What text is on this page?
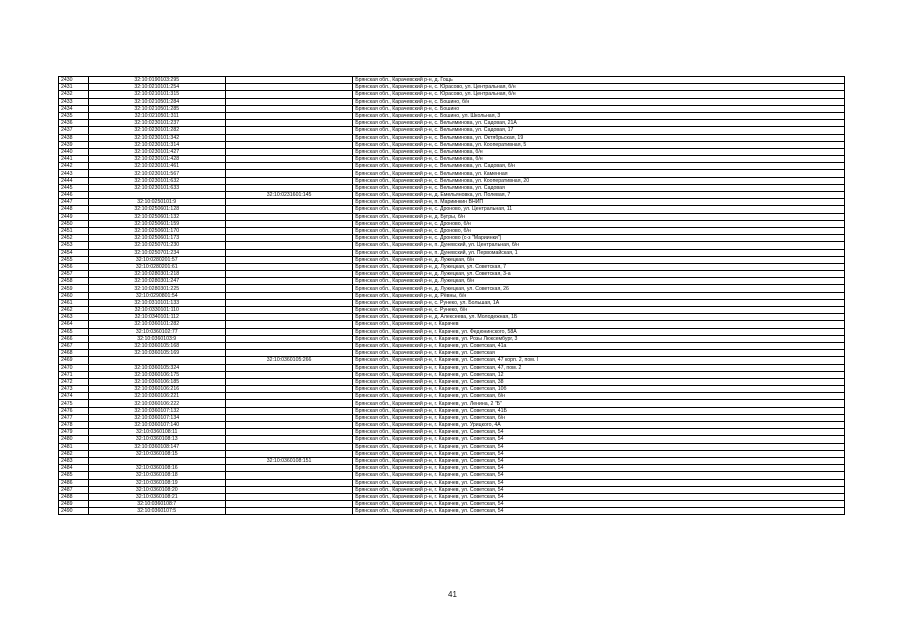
2430	32:10:0190103:295		Брянская обл., Карачевский р-н, д. Гощь
2431	32:10:0210101:254		Брянская обл., Карачевский р-н, с. Юрасово, ул. Центральная, б/н
2432	32:10:0210101:315		Брянская обл., Карачевский р-н, с. Юрасово, ул. Центральная, б/н
2433	32:10:0210501:284		Брянская обл., Карачевский р-н, с. Бошино, б/н
2434	32:10:0210501:285		Брянская обл., Карачевский р-н, с. Бошино
2435	32:10:0210501:311		Брянская обл., Карачевский р-н, с. Бошино, ул. Школьная, 3
2436	32:10:0230101:237		Брянская обл., Карачевский р-н, с. Вельяминова, ул. Садовая, 21А
2437	32:10:0230101:282		Брянская обл., Карачевский р-н, с. Вельяминова, ул. Садовая, 17
2438	32:10:0230101:342		Брянская обл., Карачевский р-н, с. Вельяминова, ул. Октябрьская, 19
2439	32:10:0230101:314		Брянская обл., Карачевский р-н, с. Вельяминова, ул. Кооперативная, 5
2440	32:10:0230101:427		Брянская обл., Карачевский р-н, с. Вельяминова, б/н
2441	32:10:0230101:428		Брянская обл., Карачевский р-н, с. Вельяминова, б/н
2442	32:10:0230101:461		Брянская обл., Карачевский р-н, с. Вельяминова, ул. Садовая, б/н
2443	32:10:0230101:567		Брянская обл., Карачевский р-н, с. Вельяминова, ул. Каменная
2444	32:10:0230101:632		Брянская обл., Карачевский р-н, с. Вельяминова, ул. Кооперативная, 20
2445	32:10:0230101:633		Брянская обл., Карачевский р-н, с. Вельяминова, ул. Садовая
2446		32:10:0231601:145	Брянская обл., Карачевский р-н, д. Емельяновка, ул. Полевая, 7
2447	32:10:0250101:9		Брянская обл., Карачевский р-н, п. Мариинкин ВНИП
2448	32:10:0250601:128		Брянская обл., Карачевский р-н, с. Дроново, ул. Центральная, 11
2449	32:10:0250601:132		Брянская обл., Карачевский р-н, д. Бугры, б/н
2450	32:10:0250601:159		Брянская обл., Карачевский р-н, с. Дроново, б/н
2451	32:10:0250601:170		Брянская обл., Карачевский р-н, с. Дроново, б/н
2452	32:10:0250601:173		Брянская обл., Карачевский р-н, с. Дроново (с-з "Мариинки")
2453	32:10:0250701:230		Брянская обл., Карачевский р-н, п. Дуневский, ул. Центральная, б/н
2454	32:10:0250701:234		Брянская обл., Карачевский р-н, п. Дуневский, ул. Первомайская, 1
2455	32:10:0280201:57		Брянская обл., Карачевский р-н, д. Лужецкая, б/н
2456	32:10:0280201:61		Брянская обл., Карачевский р-н, д. Лужецкая, ул. Советская, 7
2457	32:10:0280301:218		Брянская обл., Карачевский р-н, д. Лужецкая, ул. Советская, 3-а
2458	32:10:0280301:247		Брянская обл., Карачевский р-н, д. Лужецкая, б/н
2459	32:10:0280301:225		Брянская обл., Карачевский р-н, д. Лужецкая, ул. Советская, 26
2460	32:10:0290801:54		Брянская обл., Карачевский р-н, д. Рёвны, б/н
2461	32:10:0310101:133		Брянская обл., Карачевский р-н, с. Рунеко, ул. Большая, 1А
2462	32:10:0330101:110		Брянская обл., Карачевский р-н, с. Рунеко, б/н
2463	32:10:0340101:112		Брянская обл., Карачевский р-н, д. Алексеева, ул. Молодежная, 1Б
2464	32:10:0360101:282		Брянская обл., Карачевский р-н, г. Карачев
2465	32:10:0360102:77		Брянская обл., Карачевский р-н, г. Карачев, ул. Федюнинского, 58А
2466	32:10:0360103:9		Брянская обл., Карачевский р-н, г. Карачев, ул. Розы Люксембург, 3
2467	32:10:0360105:168		Брянская обл., Карачевский р-н, г. Карачев, ул. Советская, 41а
2468	32:10:0360105:169		Брянская обл., Карачевский р-н, г. Карачев, ул. Советская
2469		32:10:0360105:266	Брянская обл., Карачевский р-н, г. Карачев, ул. Советская, 47 корп. 2, пом. I
2470	32:10:0360105:324		Брянская обл., Карачевский р-н, г. Карачев, ул. Советская, 47, пом. 2
2471	32:10:0360106:175		Брянская обл., Карачевский р-н, г. Карачев, ул. Советская, 12
2472	32:10:0360106:185		Брянская обл., Карачевский р-н, г. Карачев, ул. Советская, 38
2473	32:10:0360106:216		Брянская обл., Карачевский р-н, г. Карачев, ул. Советская, 10б
2474	32:10:0360106:221		Брянская обл., Карачевский р-н, г. Карачев, ул. Советская, б/н
2475	32:10:0360106:222		Брянская обл., Карачевский р-н, г. Карачев, ул. Ленина, 2 "Б"
2476	32:10:0360107:132		Брянская обл., Карачевский р-н, г. Карачев, ул. Советская, 41Б
2477	32:10:0360107:134		Брянская обл., Карачевский р-н, г. Карачев, ул. Советская, б/н
2478	32:10:0360107:140		Брянская обл., Карачевский р-н, г. Карачев, ул. Урицкого, 4А
2479	32:10:0360108:11		Брянская обл., Карачевский р-н, г. Карачев, ул. Советская, 54
2480	32:10:0360108:13		Брянская обл., Карачевский р-н, г. Карачев, ул. Советская, 54
2481	32:10:0360108:147		Брянская обл., Карачевский р-н, г. Карачев, ул. Советская, 54
2482	32:10:0360108:15		Брянская обл., Карачевский р-н, г. Карачев, ул. Советская, 54
2483		32:10:0360108:151	Брянская обл., Карачевский р-н, г. Карачев, ул. Советская, 54
2484	32:10:0360108:16		Брянская обл., Карачевский р-н, г. Карачев, ул. Советская, 54
2485	32:10:0360108:18		Брянская обл., Карачевский р-н, г. Карачев, ул. Советская, 54
2486	32:10:0360108:19		Брянская обл., Карачевский р-н, г. Карачев, ул. Советская, 54
2487	32:10:0360108:20		Брянская обл., Карачевский р-н, г. Карачев, ул. Советская, 54
2488	32:10:0360108:21		Брянская обл., Карачевский р-н, г. Карачев, ул. Советская, 54
2489	32:10:0360108:7		Брянская обл., Карачевский р-н, г. Карачев, ул. Советская, 54
2490	32:10:0360107:5		Брянская обл., Карачевский р-н, г. Карачев, ул. Советская, 54
41
